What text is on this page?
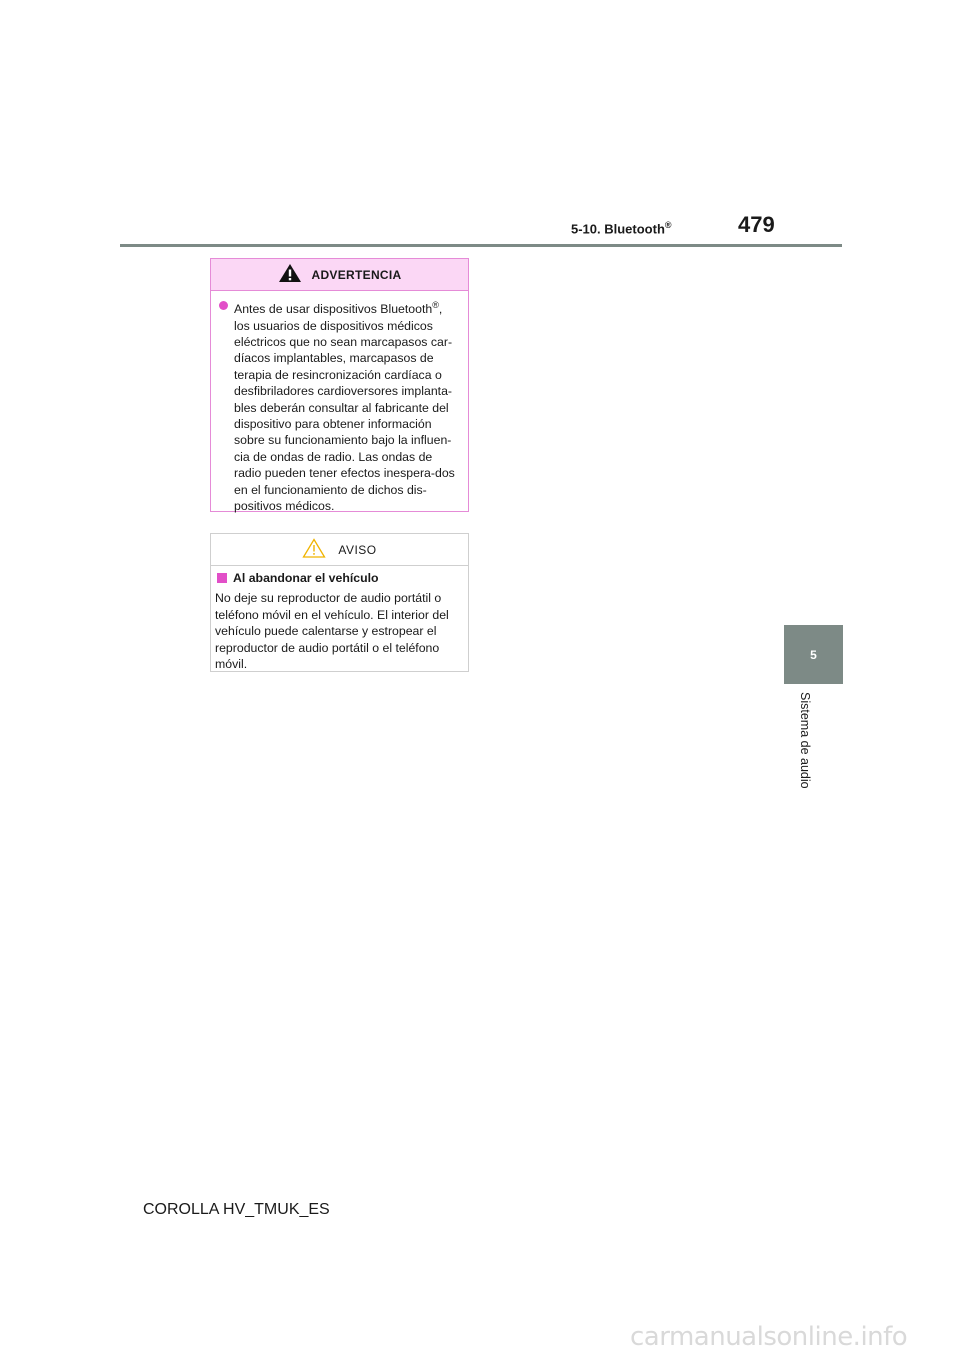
5-10. Bluetooth®	479
5
Sistema de audio
ADVERTENCIA
Antes de usar dispositivos Bluetooth®, los usuarios de dispositivos médicos eléctricos que no sean marcapasos car-díacos implantables, marcapasos de terapia de resincronización cardíaca o desfibriladores cardioversores implanta-bles deberán consultar al fabricante del dispositivo para obtener información sobre su funcionamiento bajo la influen-cia de ondas de radio. Las ondas de radio pueden tener efectos inespera-dos en el funcionamiento de dichos dis-positivos médicos.
AVISO
Al abandonar el vehículo
No deje su reproductor de audio portátil o teléfono móvil en el vehículo. El interior del vehículo puede calentarse y estropear el reproductor de audio portátil o el teléfono móvil.
COROLLA HV_TMUK_ES
carmanualsonline.info
